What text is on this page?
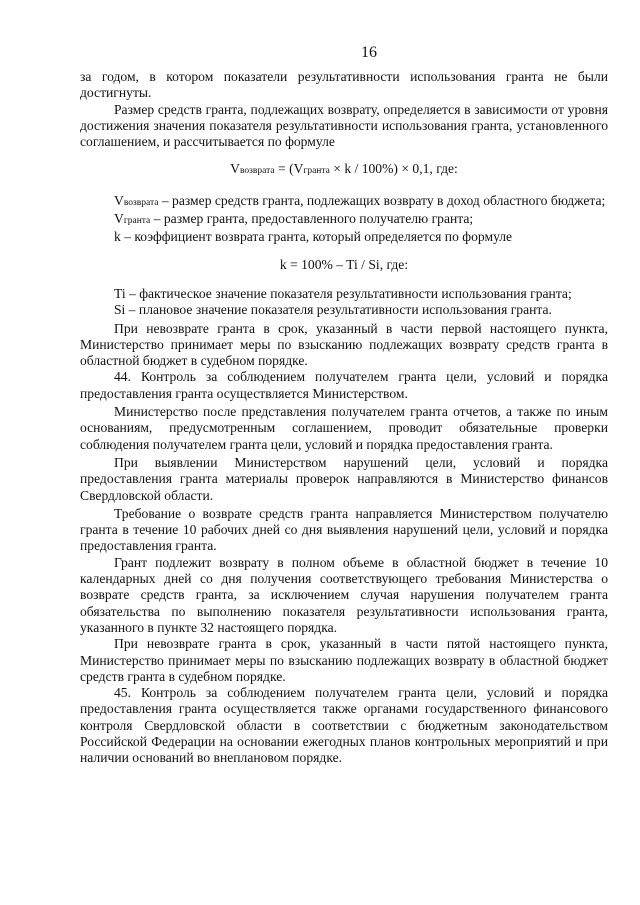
16

за годом, в котором показатели результативности использования гранта не были достигнуты.

Размер средств гранта, подлежащих возврату, определяется в зависимости от уровня достижения значения показателя результативности использования гранта, установленного соглашением, и рассчитывается по формуле

Vвозврата = (Vгранта × k / 100%) × 0,1, где:

Vвозврата – размер средств гранта, подлежащих возврату в доход областного бюджета;

Vгранта – размер гранта, предоставленного получателю гранта;

k – коэффициент возврата гранта, который определяется по формуле

k = 100% – Ti / Si, где:

Ti – фактическое значение показателя результативности использования гранта;

Si – плановое значение показателя результативности использования гранта.

При невозврате гранта в срок, указанный в части первой настоящего пункта, Министерство принимает меры по взысканию подлежащих возврату средств гранта в областной бюджет в судебном порядке.

44. Контроль за соблюдением получателем гранта цели, условий и порядка предоставления гранта осуществляется Министерством.

Министерство после представления получателем гранта отчетов, а также по иным основаниям, предусмотренным соглашением, проводит обязательные проверки соблюдения получателем гранта цели, условий и порядка предоставления гранта.

При выявлении Министерством нарушений цели, условий и порядка предоставления гранта материалы проверок направляются в Министерство финансов Свердловской области.

Требование о возврате средств гранта направляется Министерством получателю гранта в течение 10 рабочих дней со дня выявления нарушений цели, условий и порядка предоставления гранта.

Грант подлежит возврату в полном объеме в областной бюджет в течение 10 календарных дней со дня получения соответствующего требования Министерства о возврате средств гранта, за исключением случая нарушения получателем гранта обязательства по выполнению показателя результативности использования гранта, указанного в пункте 32 настоящего порядка.

При невозврате гранта в срок, указанный в части пятой настоящего пункта, Министерство принимает меры по взысканию подлежащих возврату в областной бюджет средств гранта в судебном порядке.

45. Контроль за соблюдением получателем гранта цели, условий и порядка предоставления гранта осуществляется также органами государственного финансового контроля Свердловской области в соответствии с бюджетным законодательством Российской Федерации на основании ежегодных планов контрольных мероприятий и при наличии оснований во внеплановом порядке.
